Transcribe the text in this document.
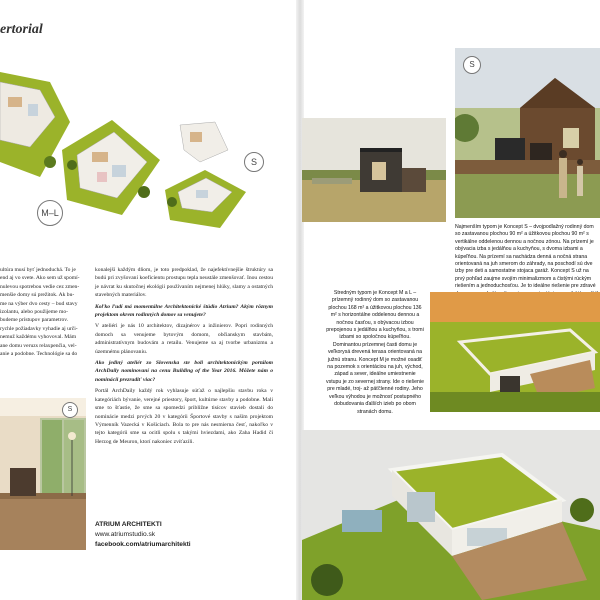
ertorial
M–L
S
ultúra musí byť jednoduchá. To je
end aj vo svete. Ako sem už spomí-
nulevou spotrebou vedie cez zmen-
menšie domy sú prežitok. Ak bu-
me na výber dvo cesty – bud stavy
izolantu, alebo použijeme mo-
budeme prístupov parametrov.
rychle požiadavky vyhadie aj urči-
nemuž každému vyhovoval. Mám
ane domu veruzs relaxpenčia, vel-
anie a podobne. Technológie sa do

konalejší každým dňom, je toto predpoklad, že najefektívnejšie štruktúry sa budú pri zvyšovaní koeficientu prostupu tepla neustále zmenšovať. Inou cestou je návrat ku skutočnej ekológii používaním nejmenej hlúky, slamy a ostatných stavebných materiálov.

Koľko ľudí má momentálne Architektonické štúdio Atrium? Akým rôznym projektom okrem rodinných domov sa venujete?

V ateliéri je nás 10 architektov, dizajnérov a inžinierov. Popri rodinných domoch sa venujeme bytovým domom, občianskym stavbám, administratívnym budovám a retailu. Venujeme sa aj tvorbe urbanizmu a územnému plánovaniu.

Ako jediný ateliér zo Slovenska ste boli architektonickým portálom ArchDaily nominovaní na cenu Building of the Year 2016. Môžete nám o nominácii prezradiť viac?

Portál ArchDaily každý rok vyhlasuje súťaž o najlepšiu stavbu roka v kategóriách bývanie, verejné priestory, šport, kultúrne stavby a podobne. Mali sme to šťastie, že sme sa spomedzi približne tisícov stavieb dostali do nominácie medzi prvých 20 v kategórii Športové stavby s naším projektom Výmenník Vazecká v Košiciach. Bola to pre nás nesmierna česť, nakoľko v tejto kategórii sme sa ocitli spolu s takými hviezdami, ako Zaha Hadid či Herzog de Meuron, ktorí nakoniec zvíťazili.

S
ATRIUM ARCHITEKTI
www.atriumstudio.sk
facebook.com/atriumarchitekti
S
Najmenším typom je Koncept S – dvojpodlažný rodinný dom so zastavanou plochou 90 m² a úžitkovou plochou 90 m² s vertikálne oddelenou dennou a nočnou zónou. Na prízemí je obývacia izba s jedálňou a kuchyňou, s dvoma izbami a kúpeľňou. Na prízemí sa nachádza denná a nočná strana orientovaná na juh smerom do záhrady, na poschodí sú dve izby pre deti a samostatne stojaca garáž. Koncept S už na prvý pohľad zaujme svojím minimalizmom a čistými rúckým riešením a jednoduchosťou. Je to ideálne riešenie pre zdravé
Stredným typom je Koncept M a L – prízemný rodinný dom so zastavanou plochou 168 m² a úžitkovou plochou 136 m² s horizontálne oddelenou dennou a nočnou časťou, s obývacou izbou prepojenou s jedálňou a kuchyňou, s tromi izbami so spoločnou kúpeľňou. Dominantou prízemnej časti domu je veľkorysá drevená terasa orientovaná na južnú stranu. Koncept M je možné osadiť na pozemok s orientáciou na juh, východ, západ a sever, ideálne umiestnenie vstupu je zo severnej strany. Ide o riešenie pre mladé, troj- až päťčlenné rodiny. Jeho veľkou výhodou je možnosť postupného dobudovania ďalších izieb po obom stranách domu.
